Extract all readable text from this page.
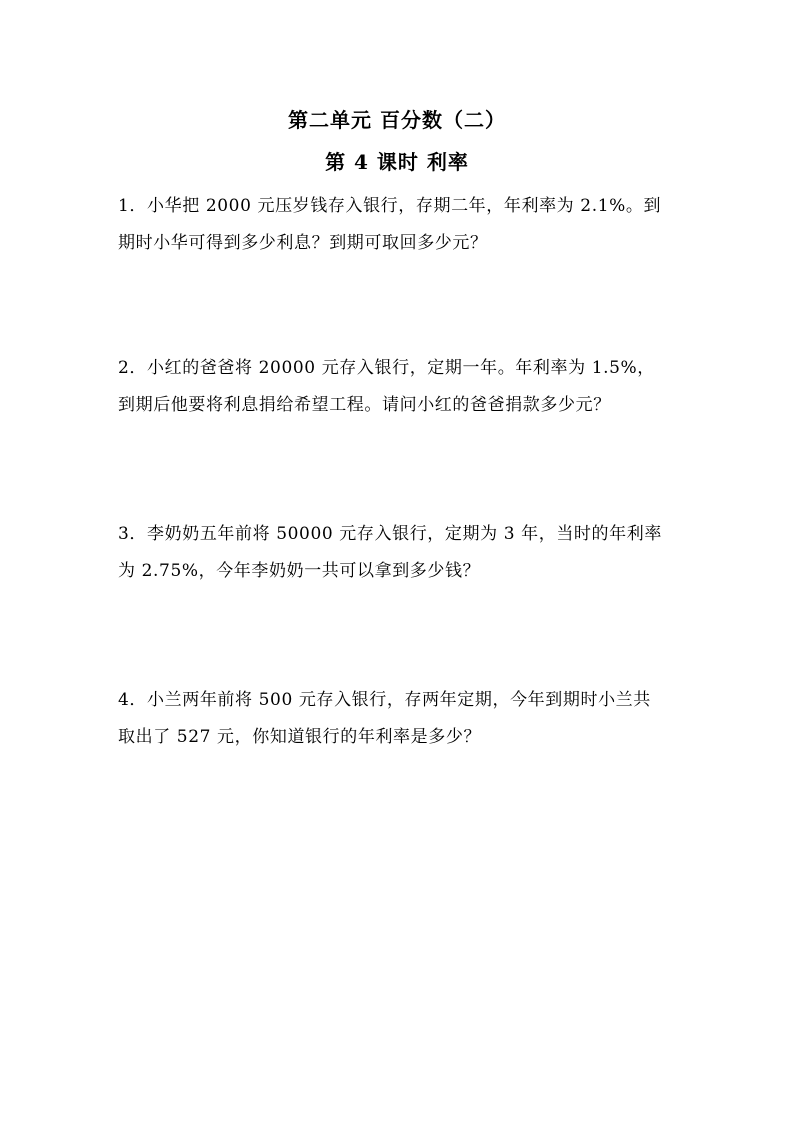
第二单元 百分数（二）
第 4 课时 利率

1．小华把 2000 元压岁钱存入银行，存期二年，年利率为 2.1%。到

期时小华可得到多少利息？到期可取回多少元？

2．小红的爸爸将 20000 元存入银行，定期一年。年利率为 1.5%，

到期后他要将利息捐给希望工程。请问小红的爸爸捐款多少元？

3．李奶奶五年前将 50000 元存入银行，定期为 3 年，当时的年利率

为 2.75%，今年李奶奶一共可以拿到多少钱？

4．小兰两年前将 500 元存入银行，存两年定期，今年到期时小兰共

取出了 527 元，你知道银行的年利率是多少？
